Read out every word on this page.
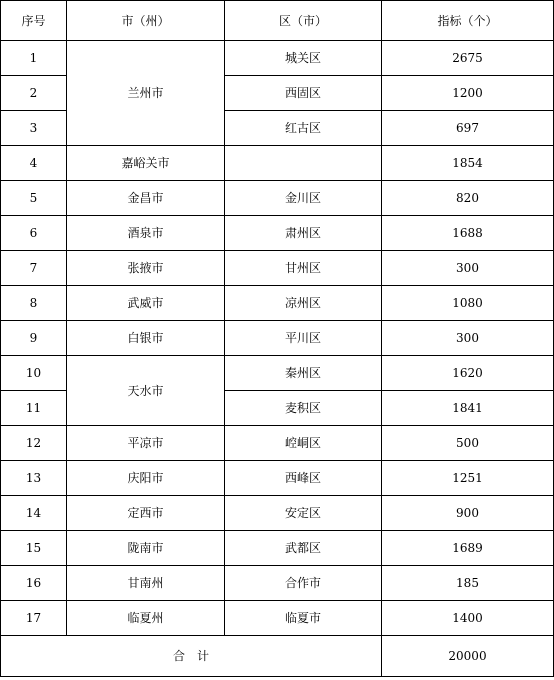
序号	市（州）	区（市）	指标（个）
1	兰州市	城关区	2675
2		西固区	1200
3		红古区	697
4	嘉峪关市		1854
5	金昌市	金川区	820
6	酒泉市	肃州区	1688
7	张掖市	甘州区	300
8	武威市	凉州区	1080
9	白银市	平川区	300
10	天水市	秦州区	1620
11		麦积区	1841
12	平凉市	崆峒区	500
13	庆阳市	西峰区	1251
14	定西市	安定区	900
15	陇南市	武都区	1689
16	甘南州	合作市	185
17	临夏州	临夏市	1400
合　计			20000
